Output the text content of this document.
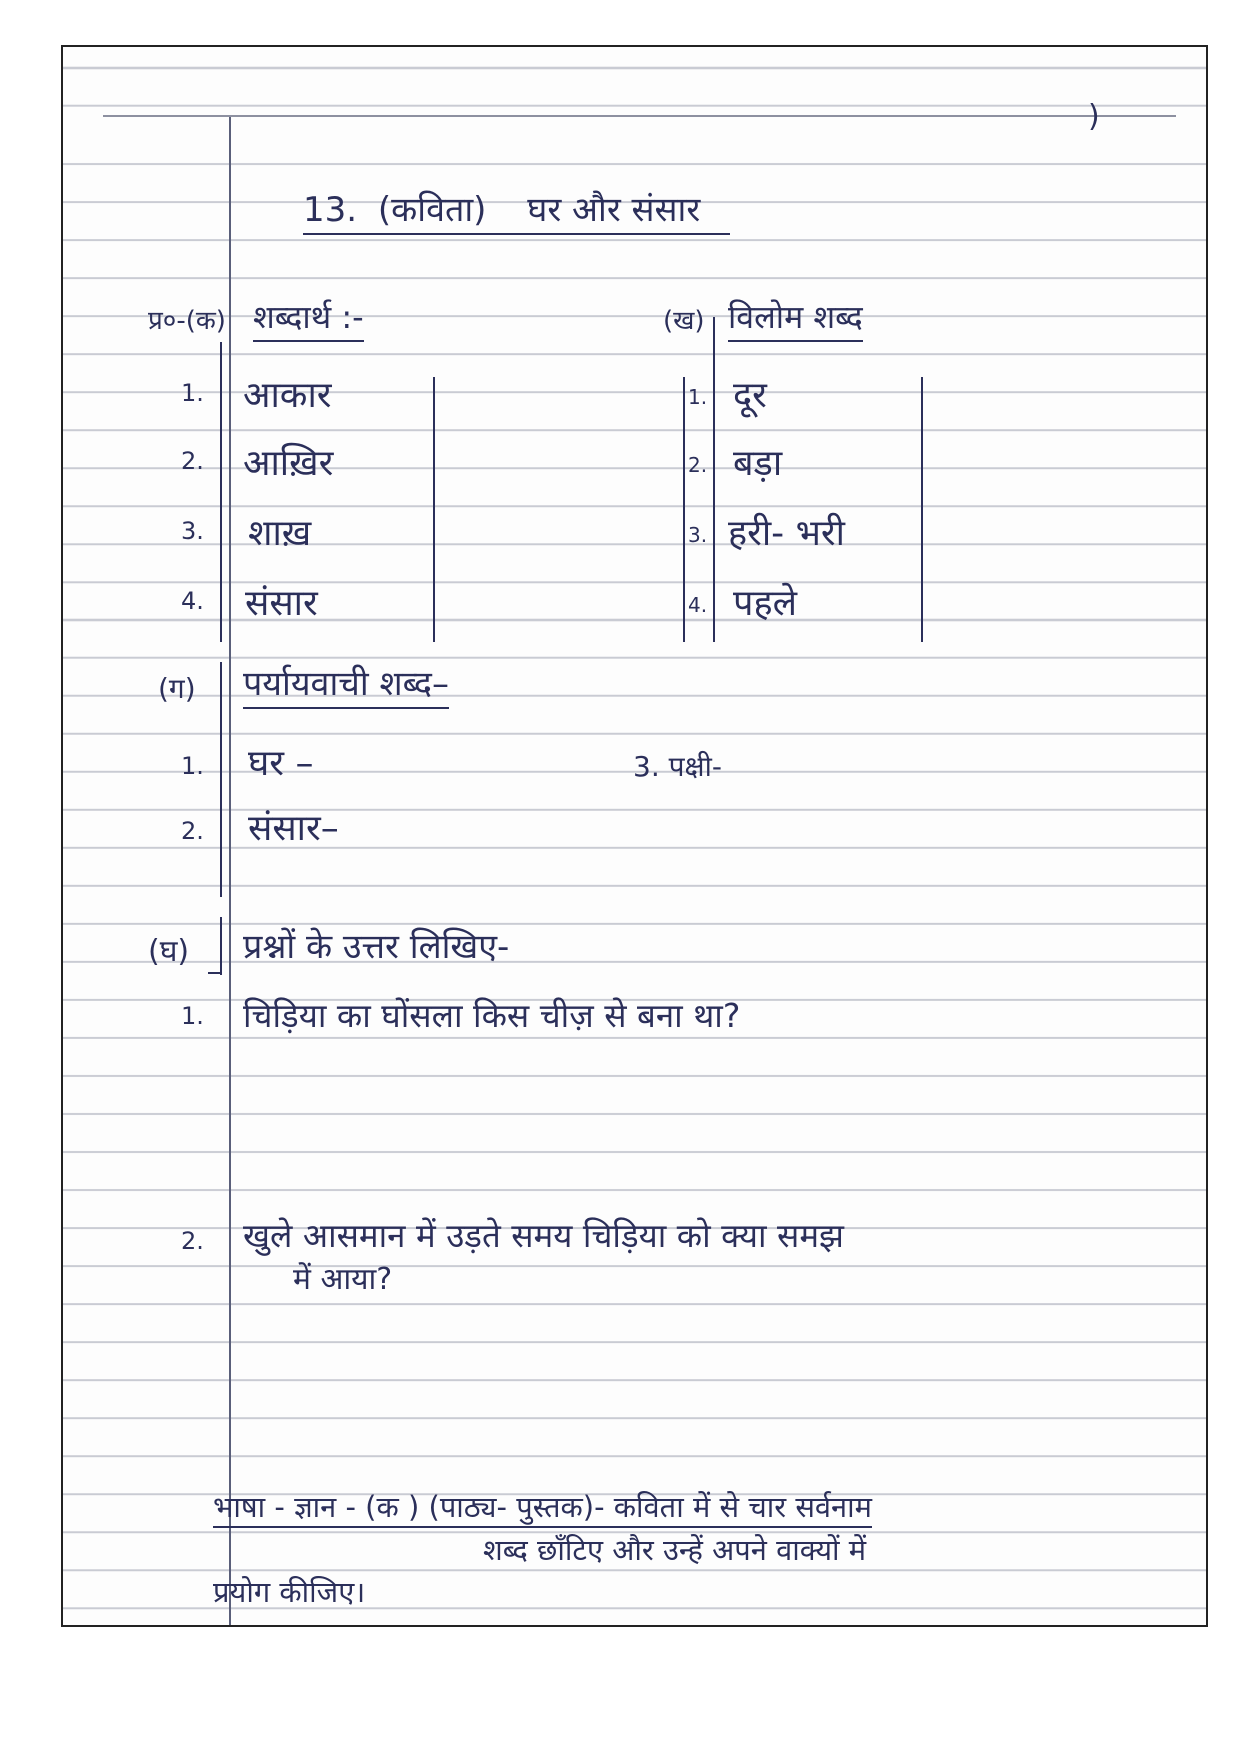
)
13. (कविता) घर और संसार
प्र०-(क) शब्दार्थ :-
1. आकार
2. आख़िर
3. शाख़
4. संसार
(ख) विलोम शब्द
1. दूर
2. बड़ा
3. हरी- भरी
4. पहले
(ग) पर्यायवाची शब्द–
1. घर –
2. संसार–
3. पक्षी-
(घ) प्रश्नों के उत्तर लिखिए-
1. चिड़िया का घोंसला किस चीज़ से बना था?
2. खुले आसमान में उड़ते समय चिड़िया को क्या समझ
में आया?
भाषा - ज्ञान - (क ) (पाठ्य- पुस्तक)- कविता में से चार सर्वनाम
शब्द छाँटिए और उन्हें अपने वाक्यों में
प्रयोग कीजिए।
